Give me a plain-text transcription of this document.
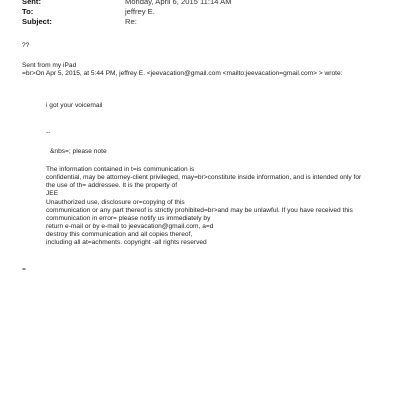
Sent:	Monday, April 6, 2015 11:14 AM
To:	jeffrey E.
Subject:	Re:
??
Sent from my iPad
=br>On Apr 5, 2015, at 5:44 PM, jeffrey E. <jeevacation@gmail.com <mailto:jeevacation=gmail.com> > wrote:
i got your voicemail
--
&nbs=; please note
The information contained in t=is communication is
confidential, may be attorney-client privileged, may=br>constitute inside information, and is intended only for
the use of th= addressee. It is the property of
JEE
Unauthorized use, disclosure or=copying of this
communication or any part thereof is strictly prohibited=br>and may be unlawful. If you have received this
communication in error= please notify us immediately by
return e-mail or by e-mail to jeevacation@gmail.com, a=d
destroy this communication and all copies thereof,
including all at=achments. copyright -all rights reserved
=
